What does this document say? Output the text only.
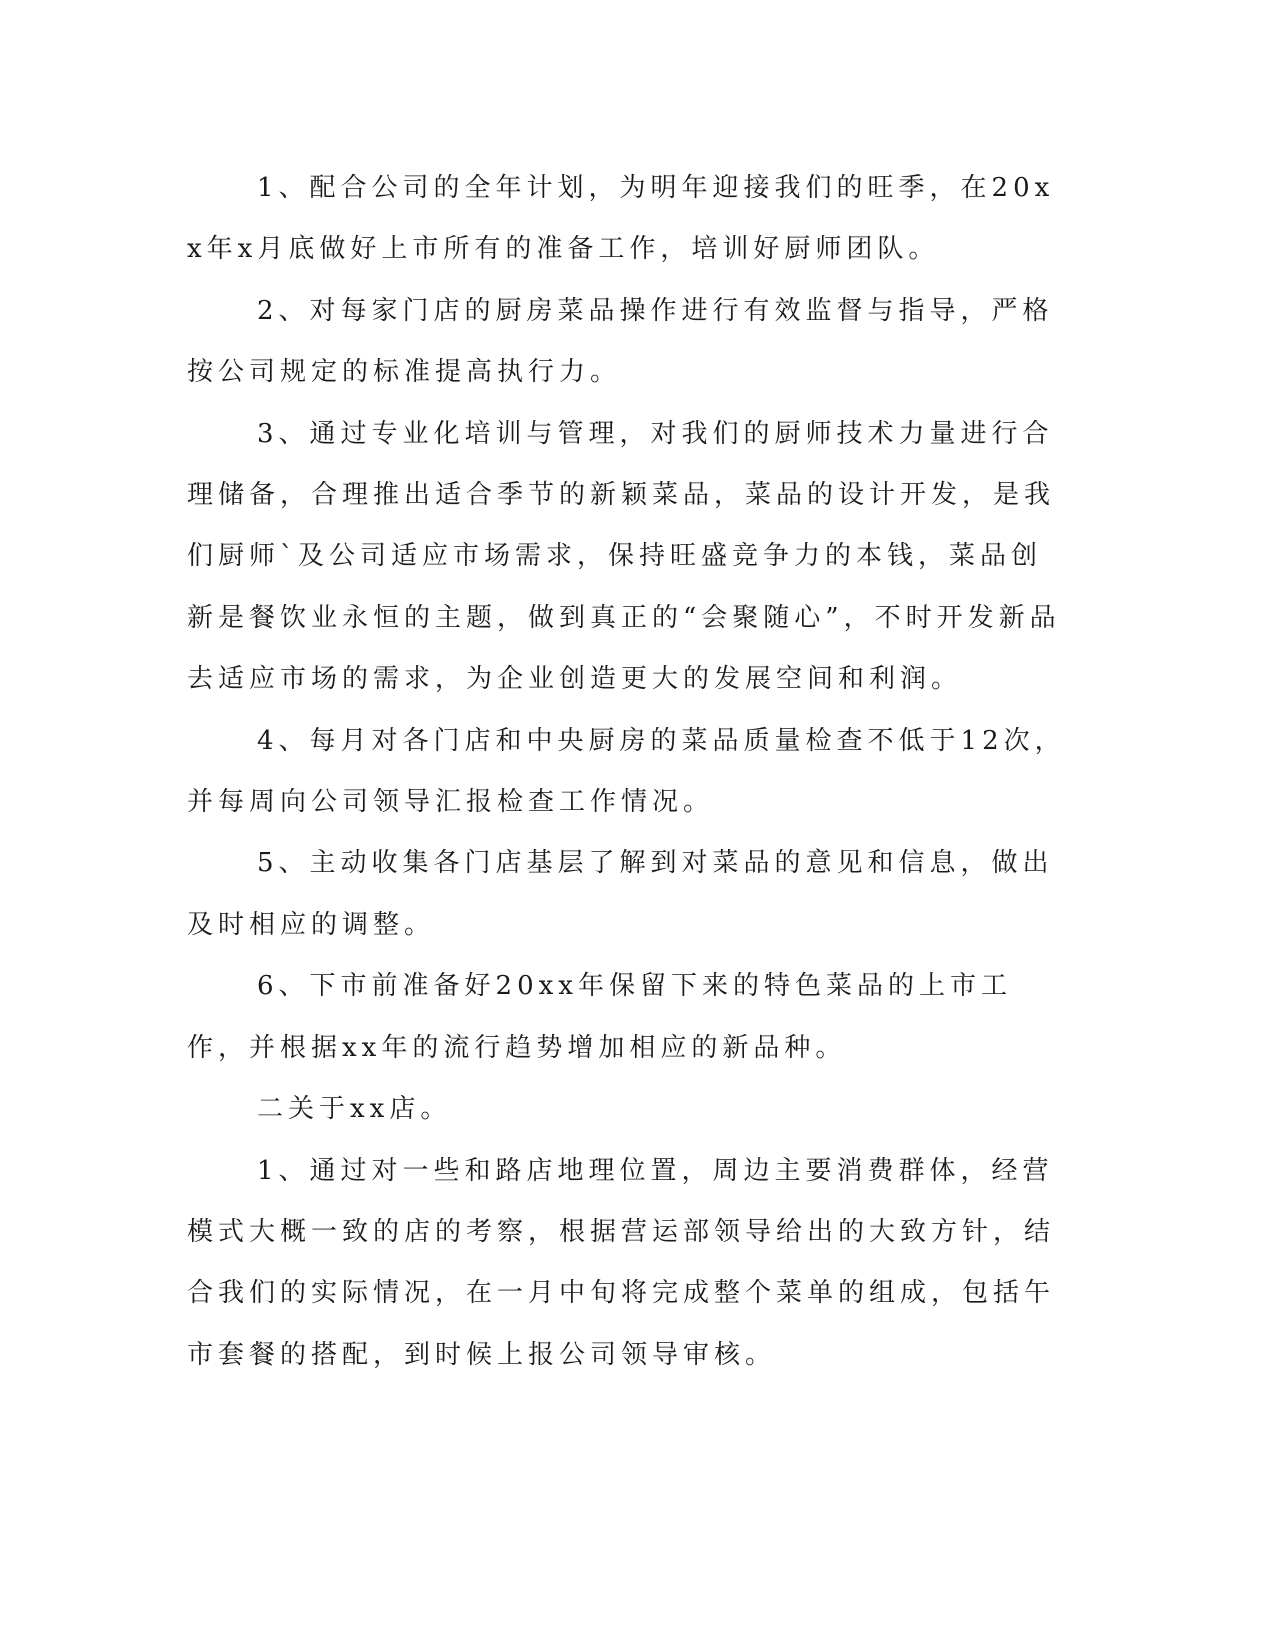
1、配合公司的全年计划，为明年迎接我们的旺季，在20xx年x月底做好上市所有的准备工作，培训好厨师团队。

2、对每家门店的厨房菜品操作进行有效监督与指导，严格按公司规定的标准提高执行力。

3、通过专业化培训与管理，对我们的厨师技术力量进行合理储备，合理推出适合季节的新颖菜品，菜品的设计开发，是我们厨师`及公司适应市场需求，保持旺盛竞争力的本钱，菜品创新是餐饮业永恒的主题，做到真正的“会聚随心”，不时开发新品去适应市场的需求，为企业创造更大的发展空间和利润。

4、每月对各门店和中央厨房的菜品质量检查不低于12次，并每周向公司领导汇报检查工作情况。

5、主动收集各门店基层了解到对菜品的意见和信息，做出及时相应的调整。

6、下市前准备好20xx年保留下来的特色菜品的上市工作，并根据xx年的流行趋势增加相应的新品种。

二关于xx店。

1、通过对一些和路店地理位置，周边主要消费群体，经营模式大概一致的店的考察，根据营运部领导给出的大致方针，结合我们的实际情况，在一月中旬将完成整个菜单的组成，包括午市套餐的搭配，到时候上报公司领导审核。
